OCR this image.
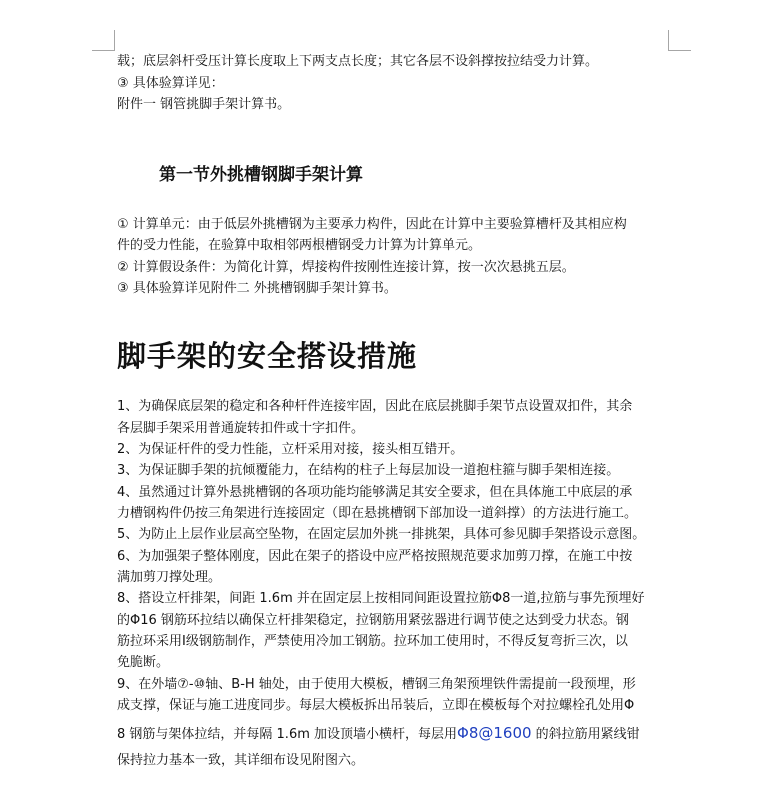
载；底层斜杆受压计算长度取上下两支点长度；其它各层不设斜撑按拉结受力计算。
③ 具体验算详见：
附件一 钢管挑脚手架计算书。
第一节外挑槽钢脚手架计算
① 计算单元：由于低层外挑槽钢为主要承力构件，因此在计算中主要验算槽杆及其相应构
件的受力性能，在验算中取相邻两根槽钢受力计算为计算单元。
② 计算假设条件：为简化计算，焊接构件按刚性连接计算，按一次次悬挑五层。
③ 具体验算详见附件二 外挑槽钢脚手架计算书。
脚手架的安全搭设措施
1、为确保底层架的稳定和各种杆件连接牢固，因此在底层挑脚手架节点设置双扣件，其余
各层脚手架采用普通旋转扣件或十字扣件。
2、为保证杆件的受力性能，立杆采用对接，接头相互错开。
3、为保证脚手架的抗倾覆能力，在结构的柱子上每层加设一道抱柱箍与脚手架相连接。
4、虽然通过计算外悬挑槽钢的各项功能均能够满足其安全要求，但在具体施工中底层的承
力槽钢构件仍按三角架进行连接固定（即在悬挑槽钢下部加设一道斜撑）的方法进行施工。
5、为防止上层作业层高空坠物，在固定层加外挑一排挑架，具体可参见脚手架搭设示意图。
6、为加强架子整体刚度，因此在架子的搭设中应严格按照规范要求加剪刀撑，在施工中按
满加剪刀撑处理。
8、搭设立杆排架，间距 1.6m 并在固定层上按相同间距设置拉筋Φ8一道,拉筋与事先预埋好
的Φ16 钢筋环拉结以确保立杆排架稳定，拉钢筋用紧弦器进行调节使之达到受力状态。钢
筋拉环采用Ⅰ级钢筋制作，严禁使用冷加工钢筋。拉环加工使用时，不得反复弯折三次，以
免脆断。
9、在外墙⑦-⑩轴、B-H 轴处，由于使用大模板，槽钢三角架预埋铁件需提前一段预埋，形
成支撑，保证与施工进度同步。每层大模板拆出吊装后，立即在模板每个对拉螺栓孔处用Φ
8 钢筋与架体拉结，并每隔 1.6m 加设顶墙小横杆，每层用Φ8@1600 的斜拉筋用紧线钳
保持拉力基本一致，其详细布设见附图六。
